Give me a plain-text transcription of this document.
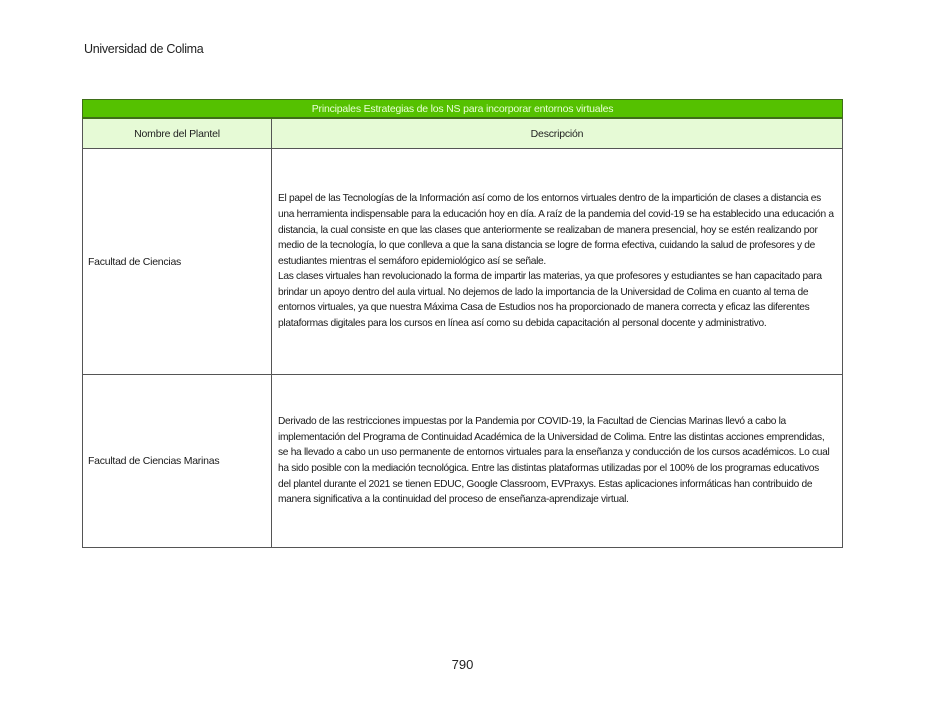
Universidad de Colima
Principales Estrategias de los NS para incorporar entornos virtuales	
Nombre del Plantel	Descripción
Facultad de Ciencias	El papel de las Tecnologías de la Información así como de los entornos virtuales dentro de la impartición de clases a distancia es una herramienta indispensable para la educación hoy en día. A raíz de la pandemia del covid-19 se ha establecido una educación a distancia, la cual consiste en que las clases que anteriormente se realizaban de manera presencial, hoy se estén realizando por medio de la tecnología, lo que conlleva a que la sana distancia se logre de forma efectiva, cuidando la salud de profesores y de estudiantes mientras el semáforo epidemiológico así se señale.

Las clases virtuales han revolucionado la forma de impartir las materias, ya que profesores y estudiantes se han capacitado para brindar un apoyo dentro del aula virtual. No dejemos de lado la importancia de la Universidad de Colima en cuanto al tema de entornos virtuales, ya que nuestra Máxima Casa de Estudios nos ha proporcionado de manera correcta y eficaz las diferentes plataformas digitales para los cursos en línea así como su debida capacitación al personal docente y administrativo.

Facultad de Ciencias Marinas	Derivado de las restricciones impuestas por la Pandemia por COVID-19, la Facultad de Ciencias Marinas llevó a cabo la implementación del Programa de Continuidad Académica de la Universidad de Colima. Entre las distintas acciones emprendidas, se ha llevado a cabo un uso permanente de entornos virtuales para la enseñanza y conducción de los cursos académicos. Lo cual ha sido posible con la mediación tecnológica. Entre las distintas plataformas utilizadas por el 100% de los programas educativos del plantel durante el 2021 se tienen EDUC, Google Classroom, EVPraxys. Estas aplicaciones informáticas han contribuido de manera significativa a la continuidad del proceso de enseñanza-aprendizaje virtual.

790
